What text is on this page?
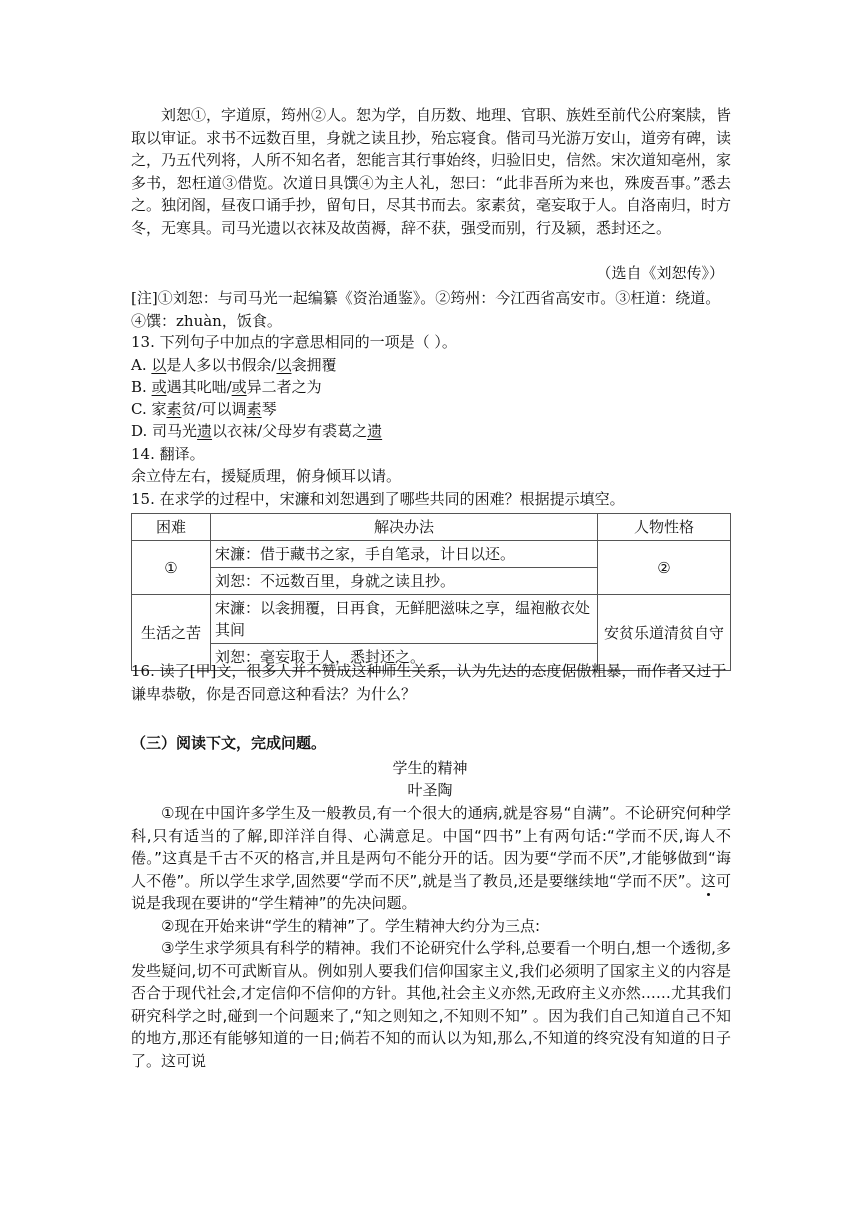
刘恕①，字道原，筠州②人。恕为学，自历数、地理、官职、族姓至前代公府案牍，皆取以审证。求书不远数百里，身就之读且抄，殆忘寝食。偕司马光游万安山，道旁有碑，读之，乃五代列将，人所不知名者，恕能言其行事始终，归验旧史，信然。宋次道知亳州，家多书，恕枉道③借览。次道日具馔④为主人礼，恕曰：“此非吾所为来也，殊废吾事。”悉去之。独闭阁，昼夜口诵手抄，留旬日，尽其书而去。家素贫，毫妄取于人。自洛南归，时方冬，无寒具。司马光遗以衣袜及故茵褥，辞不获，强受而别，行及颍，悉封还之。

（选自《刘恕传》）

[注]①刘恕：与司马光一起编纂《资治通鉴》。②筠州：今江西省高安市。③枉道：绕道。④馔：zhuàn，饭食。

13. 下列句子中加点的字意思相同的一项是（ ）。
A. 以是人多以书假余/以衾拥覆
B. 或遇其叱咄/或异二者之为
C. 家素贫/可以调素琴
D. 司马光遗以衣袜/父母岁有裘葛之遗
14. 翻译。
余立侍左右，援疑质理，俯身倾耳以请。
15. 在求学的过程中，宋濂和刘恕遇到了哪些共同的困难？根据提示填空。
困难	解决办法	人物性格
①	宋濂：借于藏书之家，手自笔录，计日以还。	②
	刘恕：不远数百里，身就之读且抄。	
生活之苦	宋濂：以衾拥覆，日再食，无鲜肥滋味之享，缊袍敝衣处其间	安贫乐道清贫自守
	刘恕：毫妄取于人，悉封还之。	

16. 读了[甲]文，很多人并不赞成这种师生关系，认为先达的态度倨傲粗暴，而作者又过于谦卑恭敬，你是否同意这种看法？为什么？

（三）阅读下文，完成问题。
学生的精神
叶圣陶

①现在中国许多学生及一般教员,有一个很大的通病,就是容易“自满”。不论研究何种学科,只有适当的了解,即洋洋自得、心满意足。中国“四书”上有两句话:“学而不厌,诲人不倦。”这真是千古不灭的格言,并且是两句不能分开的话。因为要“学而不厌”,才能够做到“诲人不倦”。所以学生求学,固然要“学而不厌”,就是当了教员,还是要继续地“学而不厌”。这可说是我现在要讲的“学生精神”的先决问题。

②现在开始来讲“学生的精神”了。学生精神大约分为三点:

③学生求学须具有科学的精神。我们不论研究什么学科,总要看一个明白,想一个透彻,多发些疑问,切不可武断盲从。例如别人要我们信仰国家主义,我们必须明了国家主义的内容是否合于现代社会,才定信仰不信仰的方针。其他,社会主义亦然,无政府主义亦然……尤其我们研究科学之时,碰到一个问题来了,“知之则知之,不知则不知” 。因为我们自己知道自己不知的地方,那还有能够知道的一日;倘若不知的而认以为知,那么,不知道的终究没有知道的日子了。这可说
